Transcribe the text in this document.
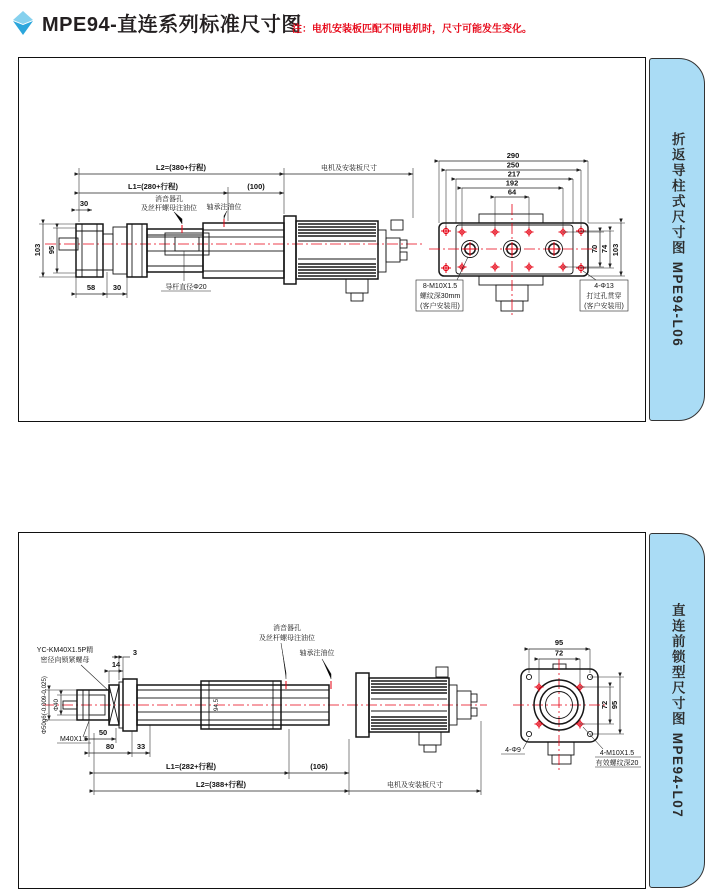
MPE94-直连系列标准尺寸图
注：电机安装板匹配不同电机时，尺寸可能发生变化。
折返导柱式尺寸图 MPE94-L06
L2=(380+行程)
L1=(280+行程)	(100)
电机及安装板尺寸
30
103 95
58 30	导杆直径Φ20
消音器孔
及丝杆螺母注油位 轴承注油位
290
250
217
192
64
70 74 103
8-M10X1.5
螺纹深30mm
(客户安装用)
4-Φ13
打过孔贯穿
(客户安装用)
直连前锁型尺寸图 MPE94-L07
94.5
YC-KM40X1.5P精
密径向锁紧螺母	14
3
Φ50g6(-0.009-0.025) Φ40
M40X1.5
50
80	33
消音器孔
及丝杆螺母注油位
轴承注油位
L1=(282+行程)	(106)
L2=(388+行程)	电机及安装板尺寸
95
72
72 95
4-Φ9	4-M10X1.5
有效螺纹深20
